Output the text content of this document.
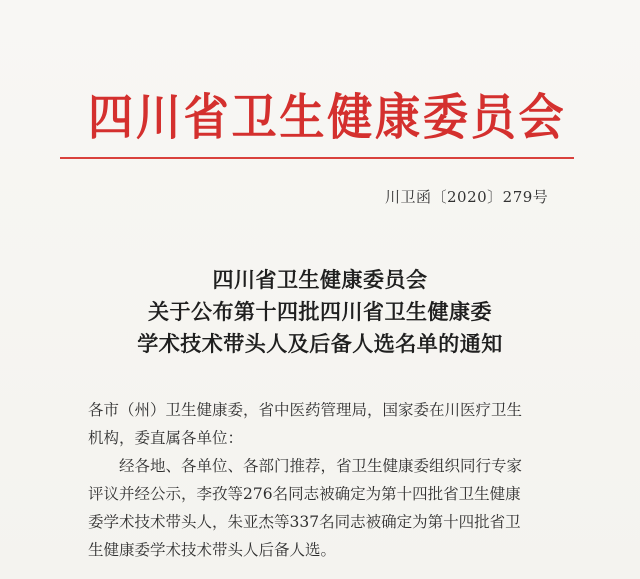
四川省卫生健康委员会
川卫函〔2020〕279号
四川省卫生健康委员会
关于公布第十四批四川省卫生健康委
学术技术带头人及后备人选名单的通知
各市（州）卫生健康委，省中医药管理局，国家委在川医疗卫生
机构，委直属各单位：
经各地、各单位、各部门推荐，省卫生健康委组织同行专家
评议并经公示，李孜等276名同志被确定为第十四批省卫生健康
委学术技术带头人，朱亚杰等337名同志被确定为第十四批省卫
生健康委学术技术带头人后备人选。
